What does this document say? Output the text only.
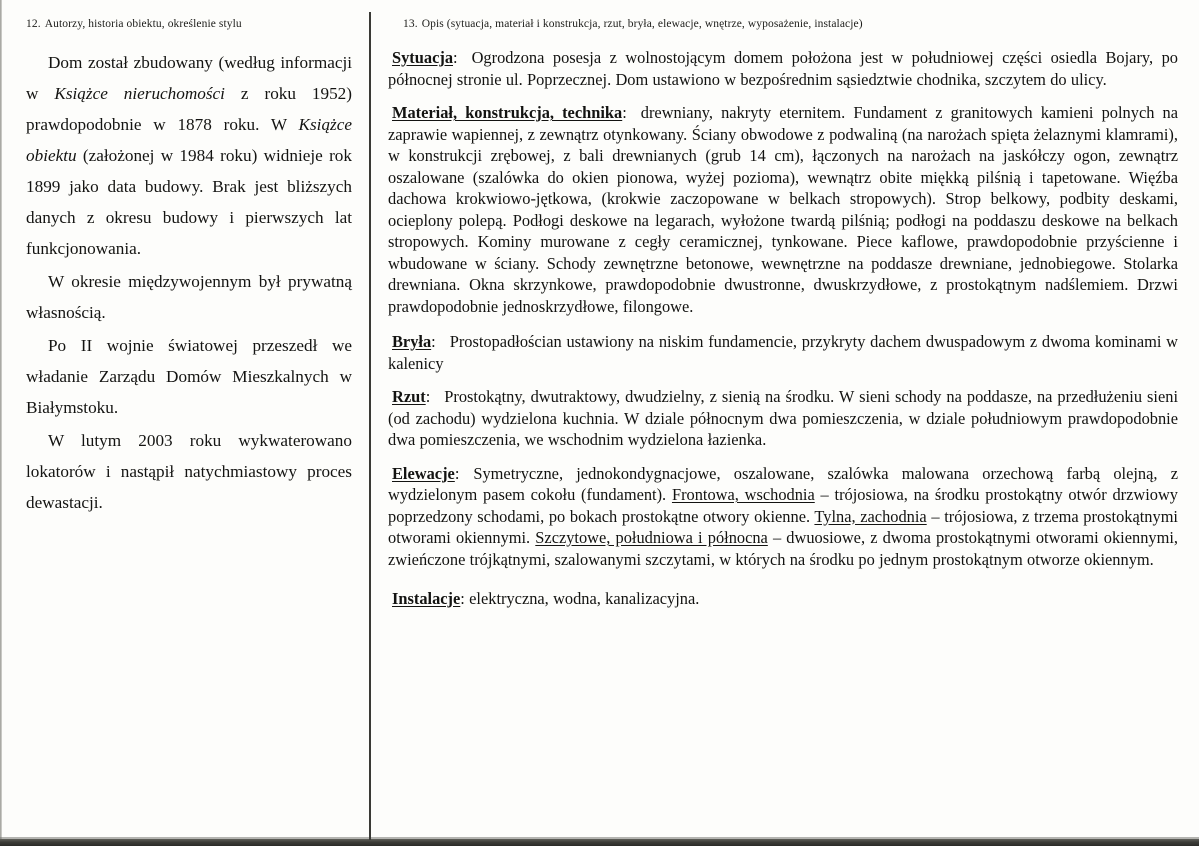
12. Autorzy, historia obiektu, określenie stylu	13. Opis (sytuacja, materiał i konstrukcja, rzut, bryła, elewacje, wnętrze, wyposażenie, instalacje)

Dom został zbudowany (według informacji w Książce nieruchomości z roku 1952) prawdopodobnie w 1878 roku. W Książce obiektu (założonej w 1984 roku) widnieje rok 1899 jako data budowy. Brak jest bliższych danych z okresu budowy i pierwszych lat funkcjonowania.

W okresie międzywojennym był prywatną własnością.

Po II wojnie światowej przeszedł we władanie Zarządu Domów Mieszkalnych w Białymstoku.

W lutym 2003 roku wykwaterowano lokatorów i nastąpił natychmiastowy proces dewastacji.

Sytuacja: Ogrodzona posesja z wolnostojącym domem położona jest w południowej części osiedla Bojary, po północnej stronie ul. Poprzecznej. Dom ustawiono w bezpośrednim sąsiedztwie chodnika, szczytem do ulicy.

Materiał, konstrukcja, technika: drewniany, nakryty eternitem. Fundament z granitowych kamieni polnych na zaprawie wapiennej, z zewnątrz otynkowany. Ściany obwodowe z podwaliną (na narożach spięta żelaznymi klamrami), w konstrukcji zrębowej, z bali drewnianych (grub 14 cm), łączonych na narożach na jaskółczy ogon, zewnątrz oszalowane (szalówka do okien pionowa, wyżej pozioma), wewnątrz obite miękką pilśnią i tapetowane. Więźba dachowa krokwiowo-jętkowa, (krokwie zaczopowane w belkach stropowych). Strop belkowy, podbity deskami, ocieplony polepą. Podłogi deskowe na legarach, wyłożone twardą pilśnią; podłogi na poddaszu deskowe na belkach stropowych. Kominy murowane z cegły ceramicznej, tynkowane. Piece kaflowe, prawdopodobnie przyścienne i wbudowane w ściany. Schody zewnętrzne betonowe, wewnętrzne na poddasze drewniane, jednobiegowe. Stolarka drewniana. Okna skrzynkowe, prawdopodobnie dwustronne, dwuskrzydłowe, z prostokątnym nadślemiem. Drzwi prawdopodobnie jednoskrzydłowe, filongowe.

Bryła: Prostopadłościan ustawiony na niskim fundamencie, przykryty dachem dwuspadowym z dwoma kominami w kalenicy

Rzut: Prostokątny, dwutraktowy, dwudzielny, z sienią na środku. W sieni schody na poddasze, na przedłużeniu sieni (od zachodu) wydzielona kuchnia. W dziale północnym dwa pomieszczenia, w dziale południowym prawdopodobnie dwa pomieszczenia, we wschodnim wydzielona łazienka.

Elewacje: Symetryczne, jednokondygnacjowe, oszalowane, szalówka malowana orzechową farbą olejną, z wydzielonym pasem cokołu (fundament). Frontowa, wschodnia – trójosiowa, na środku prostokątny otwór drzwiowy poprzedzony schodami, po bokach prostokątne otwory okienne. Tylna, zachodnia – trójosiowa, z trzema prostokątnymi otworami okiennymi. Szczytowe, południowa i północna – dwuosiowe, z dwoma prostokątnymi otworami okiennymi, zwieńczone trójkątnymi, szalowanymi szczytami, w których na środku po jednym prostokątnym otworze okiennym.

Instalacje: elektryczna, wodna, kanalizacyjna.
